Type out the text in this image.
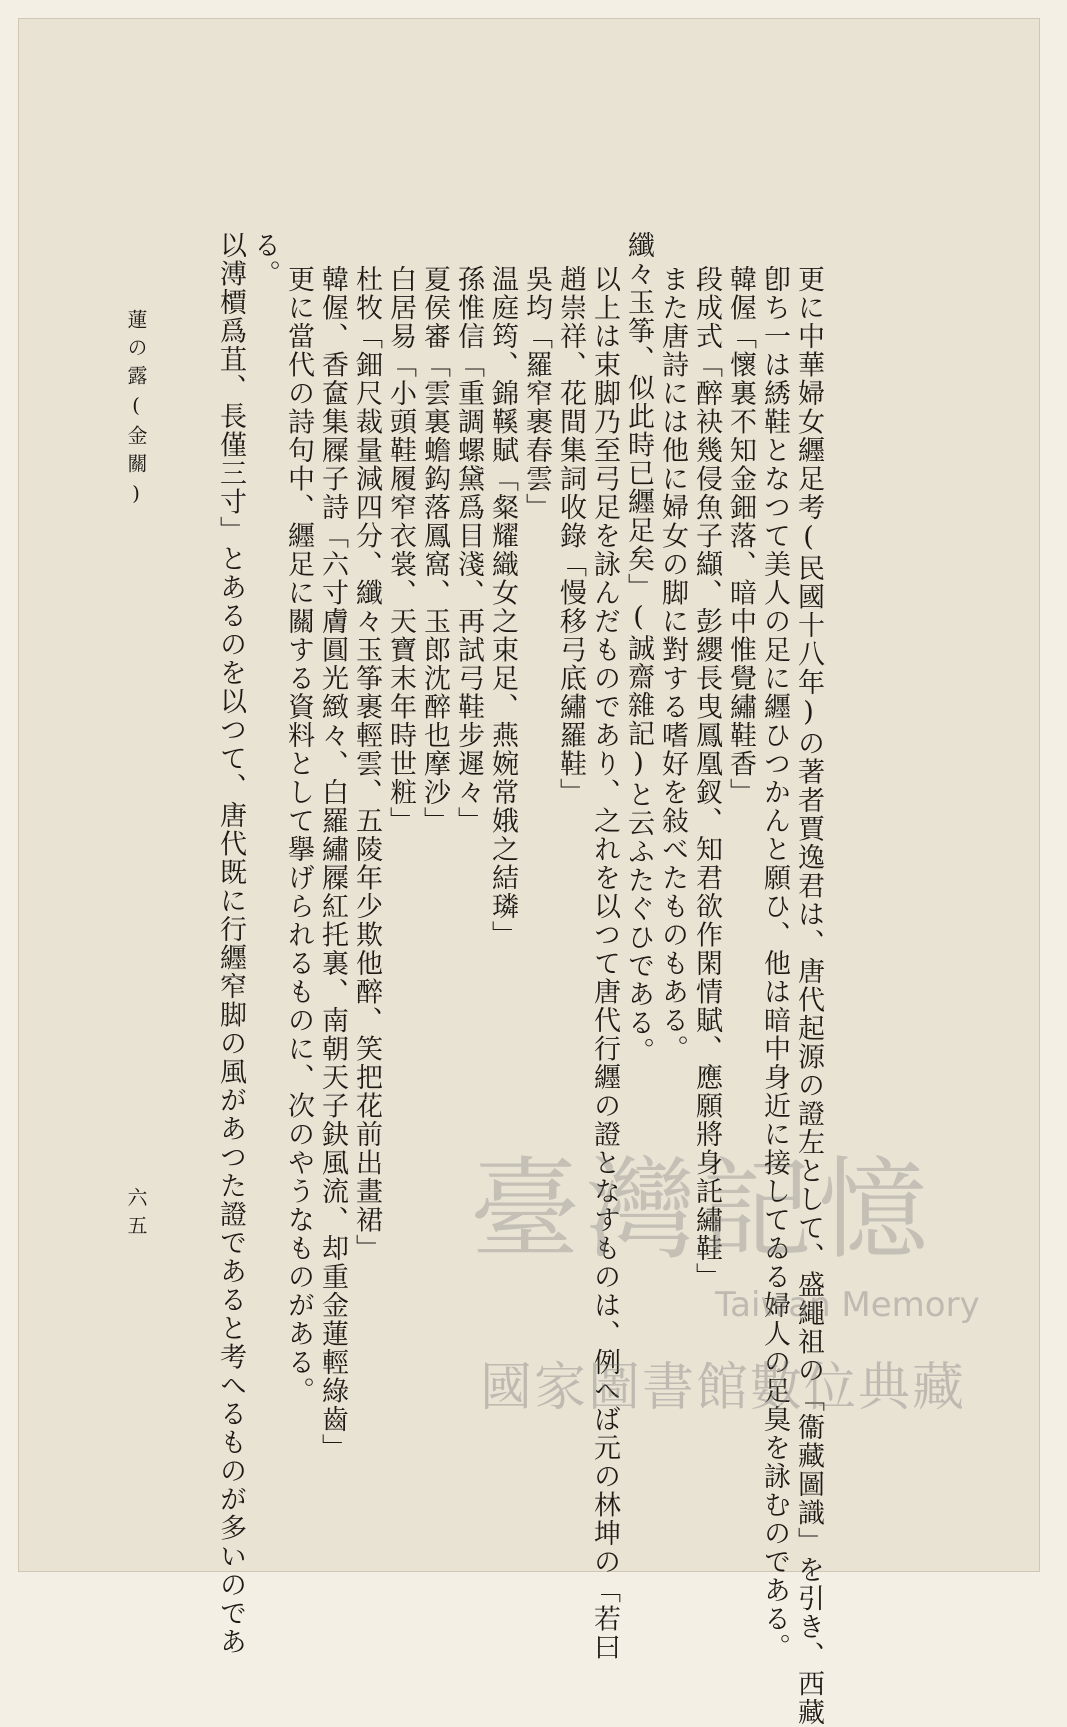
以溥檟爲苴、長僅三寸」とあるのを以つて、唐代既に行纒窄脚の風があつた證であると考へるものが多いのであ る。
更に當代の詩句中、纒足に關する資料として擧げられるものに、次のやうなものがある。 韓偓、香奩集屧子詩「六寸膚圓光緻々、白羅繡屧紅托裏、南朝天子鈌風流、却重金蓮輕綠齒」 杜牧「鈿尺裁量減四分、纖々玉筝裹輕雲、五陵年少欺他醉、笑把花前出畫裙」 白居易「小頭鞋履窄衣裳、天寶末年時世粧」 夏侯審「雲裏蟾鈎落鳳窩、玉郎沈醉也摩沙」 孫惟信「重調螺黛爲目淺、再試弓鞋步遲々」 温庭筠、錦鞵賦「粲耀織女之束足、燕婉常娥之結璘」 吳均「羅窄裹春雲」 趙崇祥、花間集詞收錄「慢移弓底繡羅鞋」 以上は束脚乃至弓足を詠んだものであり、之れを以つて唐代行纒の證となすものは、例へば元の林坤の「若曰 纖々玉筝、似此時已纒足矣」(誠齋雜記)と云ふたぐひである。 また唐詩には他に婦女の脚に對する嗜好を敍べたものもある。 段成式「醉袂幾侵魚子纈、彭纓長曳鳳凰釵、知君欲作閑情賦、應願將身託繡鞋」 韓偓「懷裏不知金鈿落、暗中惟覺繡鞋香」 卽ち一は綉鞋となつて美人の足に纒ひつかんと願ひ、他は暗中身近に接してゐる婦人の足臭を詠むのである。 更に中華婦女纒足考(民國十八年)の著者賈逸君は、唐代起源の證左として、盛繩祖の「衞藏圖識」を引き、西藏
蓮の露(金關)
六五	臺灣記憶
Taiwan Memory
國家圖書館數位典藏
